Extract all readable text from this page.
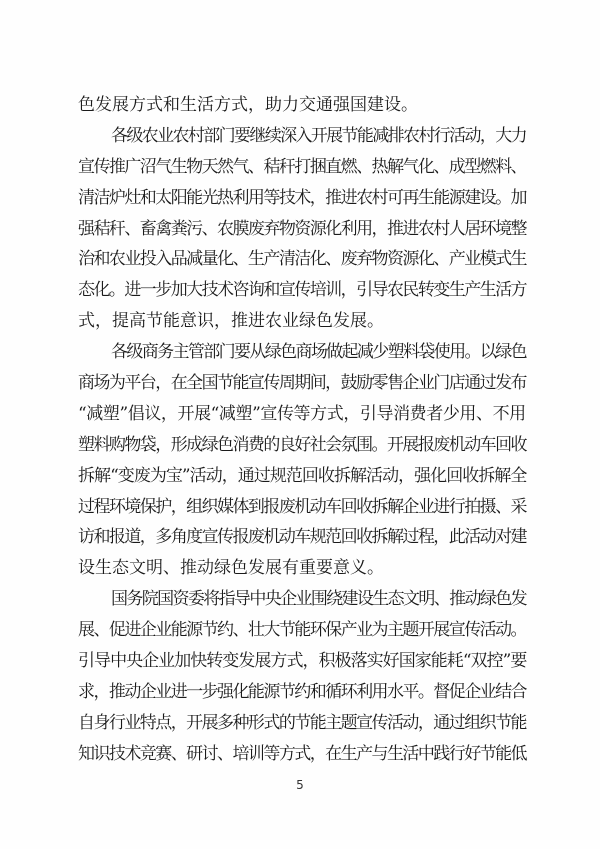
色发展方式和生活方式，助力交通强国建设。
各级农业农村部门要继续深入开展节能减排农村行活动，大力
宣传推广沼气生物天然气、秸秆打捆直燃、热解气化、成型燃料、
清洁炉灶和太阳能光热利用等技术，推进农村可再生能源建设。加
强秸秆、畜禽粪污、农膜废弃物资源化利用，推进农村人居环境整
治和农业投入品减量化、生产清洁化、废弃物资源化、产业模式生
态化。进一步加大技术咨询和宣传培训，引导农民转变生产生活方
式，提高节能意识，推进农业绿色发展。
各级商务主管部门要从绿色商场做起减少塑料袋使用。以绿色
商场为平台，在全国节能宣传周期间，鼓励零售企业门店通过发布
“减塑”倡议，开展“减塑”宣传等方式，引导消费者少用、不用
塑料购物袋，形成绿色消费的良好社会氛围。开展报废机动车回收
拆解“变废为宝”活动，通过规范回收拆解活动，强化回收拆解全
过程环境保护，组织媒体到报废机动车回收拆解企业进行拍摄、采
访和报道，多角度宣传报废机动车规范回收拆解过程，此活动对建
设生态文明、推动绿色发展有重要意义。
国务院国资委将指导中央企业围绕建设生态文明、推动绿色发
展、促进企业能源节约、壮大节能环保产业为主题开展宣传活动。
引导中央企业加快转变发展方式，积极落实好国家能耗“双控”要
求，推动企业进一步强化能源节约和循环利用水平。督促企业结合
自身行业特点，开展多种形式的节能主题宣传活动，通过组织节能
知识技术竞赛、研讨、培训等方式，在生产与生活中践行好节能低
5
